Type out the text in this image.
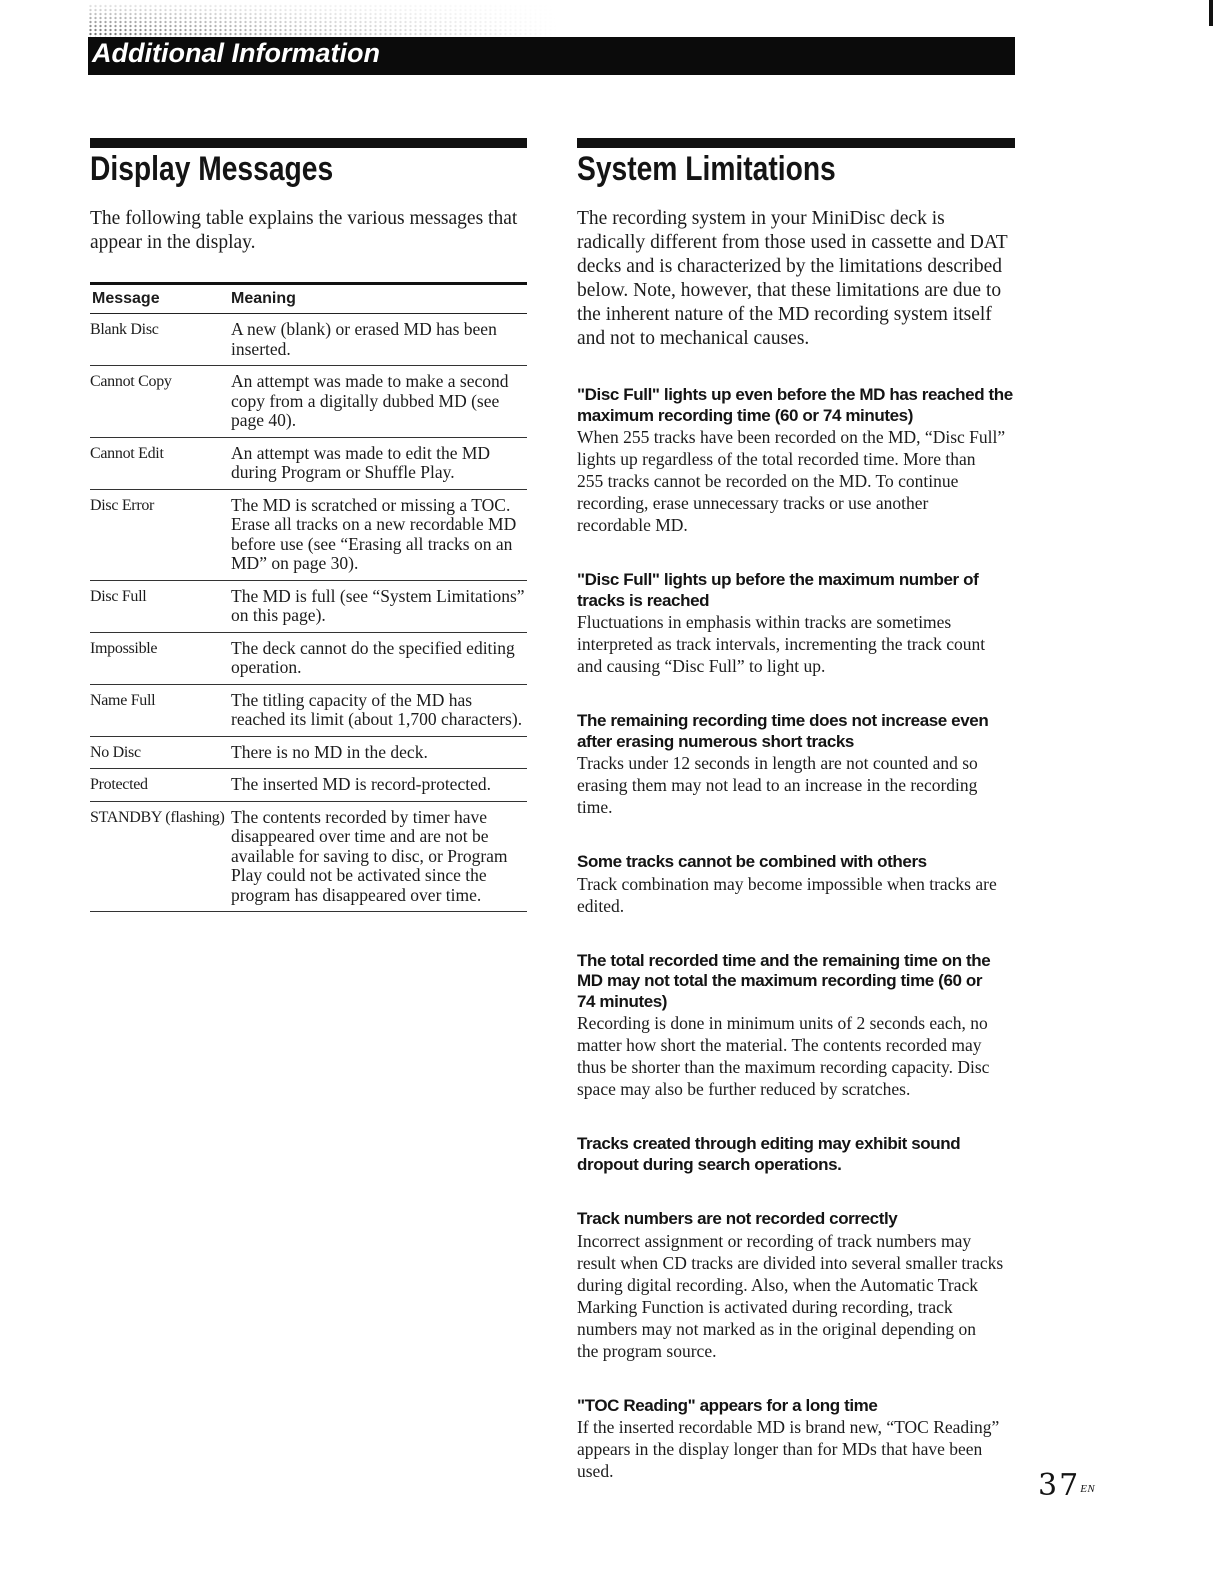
Additional Information
Display Messages
The following table explains the various messages that
appear in the display.
Message	Meaning
Blank Disc	A new (blank) or erased MD has been
inserted.
Cannot Copy	An attempt was made to make a second
copy from a digitally dubbed MD (see
page 40).
Cannot Edit	An attempt was made to edit the MD
during Program or Shuffle Play.
Disc Error	The MD is scratched or missing a TOC.
Erase all tracks on a new recordable MD
before use (see “Erasing all tracks on an
MD” on page 30).
Disc Full	The MD is full (see “System Limitations”
on this page).
Impossible	The deck cannot do the specified editing
operation.
Name Full	The titling capacity of the MD has
reached its limit (about 1,700 characters).
No Disc	There is no MD in the deck.
Protected	The inserted MD is record-protected.
STANDBY (flashing) The contents recorded by timer have
disappeared over time and are not be
available for saving to disc, or Program
Play could not be activated since the
program has disappeared over time.
System Limitations
The recording system in your MiniDisc deck is
radically different from those used in cassette and DAT
decks and is characterized by the limitations described
below. Note, however, that these limitations are due to
the inherent nature of the MD recording system itself
and not to mechanical causes.
"Disc Full" lights up even before the MD has reached the
maximum recording time (60 or 74 minutes)
When 255 tracks have been recorded on the MD, “Disc Full”
lights up regardless of the total recorded time. More than
255 tracks cannot be recorded on the MD. To continue
recording, erase unnecessary tracks or use another
recordable MD.
"Disc Full" lights up before the maximum number of
tracks is reached
Fluctuations in emphasis within tracks are sometimes
interpreted as track intervals, incrementing the track count
and causing “Disc Full” to light up.
The remaining recording time does not increase even
after erasing numerous short tracks
Tracks under 12 seconds in length are not counted and so
erasing them may not lead to an increase in the recording
time.
Some tracks cannot be combined with others
Track combination may become impossible when tracks are
edited.
The total recorded time and the remaining time on the
MD may not total the maximum recording time (60 or
74 minutes)
Recording is done in minimum units of 2 seconds each, no
matter how short the material. The contents recorded may
thus be shorter than the maximum recording capacity. Disc
space may also be further reduced by scratches.
Tracks created through editing may exhibit sound
dropout during search operations.
Track numbers are not recorded correctly
Incorrect assignment or recording of track numbers may
result when CD tracks are divided into several smaller tracks
during digital recording. Also, when the Automatic Track
Marking Function is activated during recording, track
numbers may not marked as in the original depending on
the program source.
"TOC Reading" appears for a long time
If the inserted recordable MD is brand new, “TOC Reading”
appears in the display longer than for MDs that have been
used.	$37^{EN}$
